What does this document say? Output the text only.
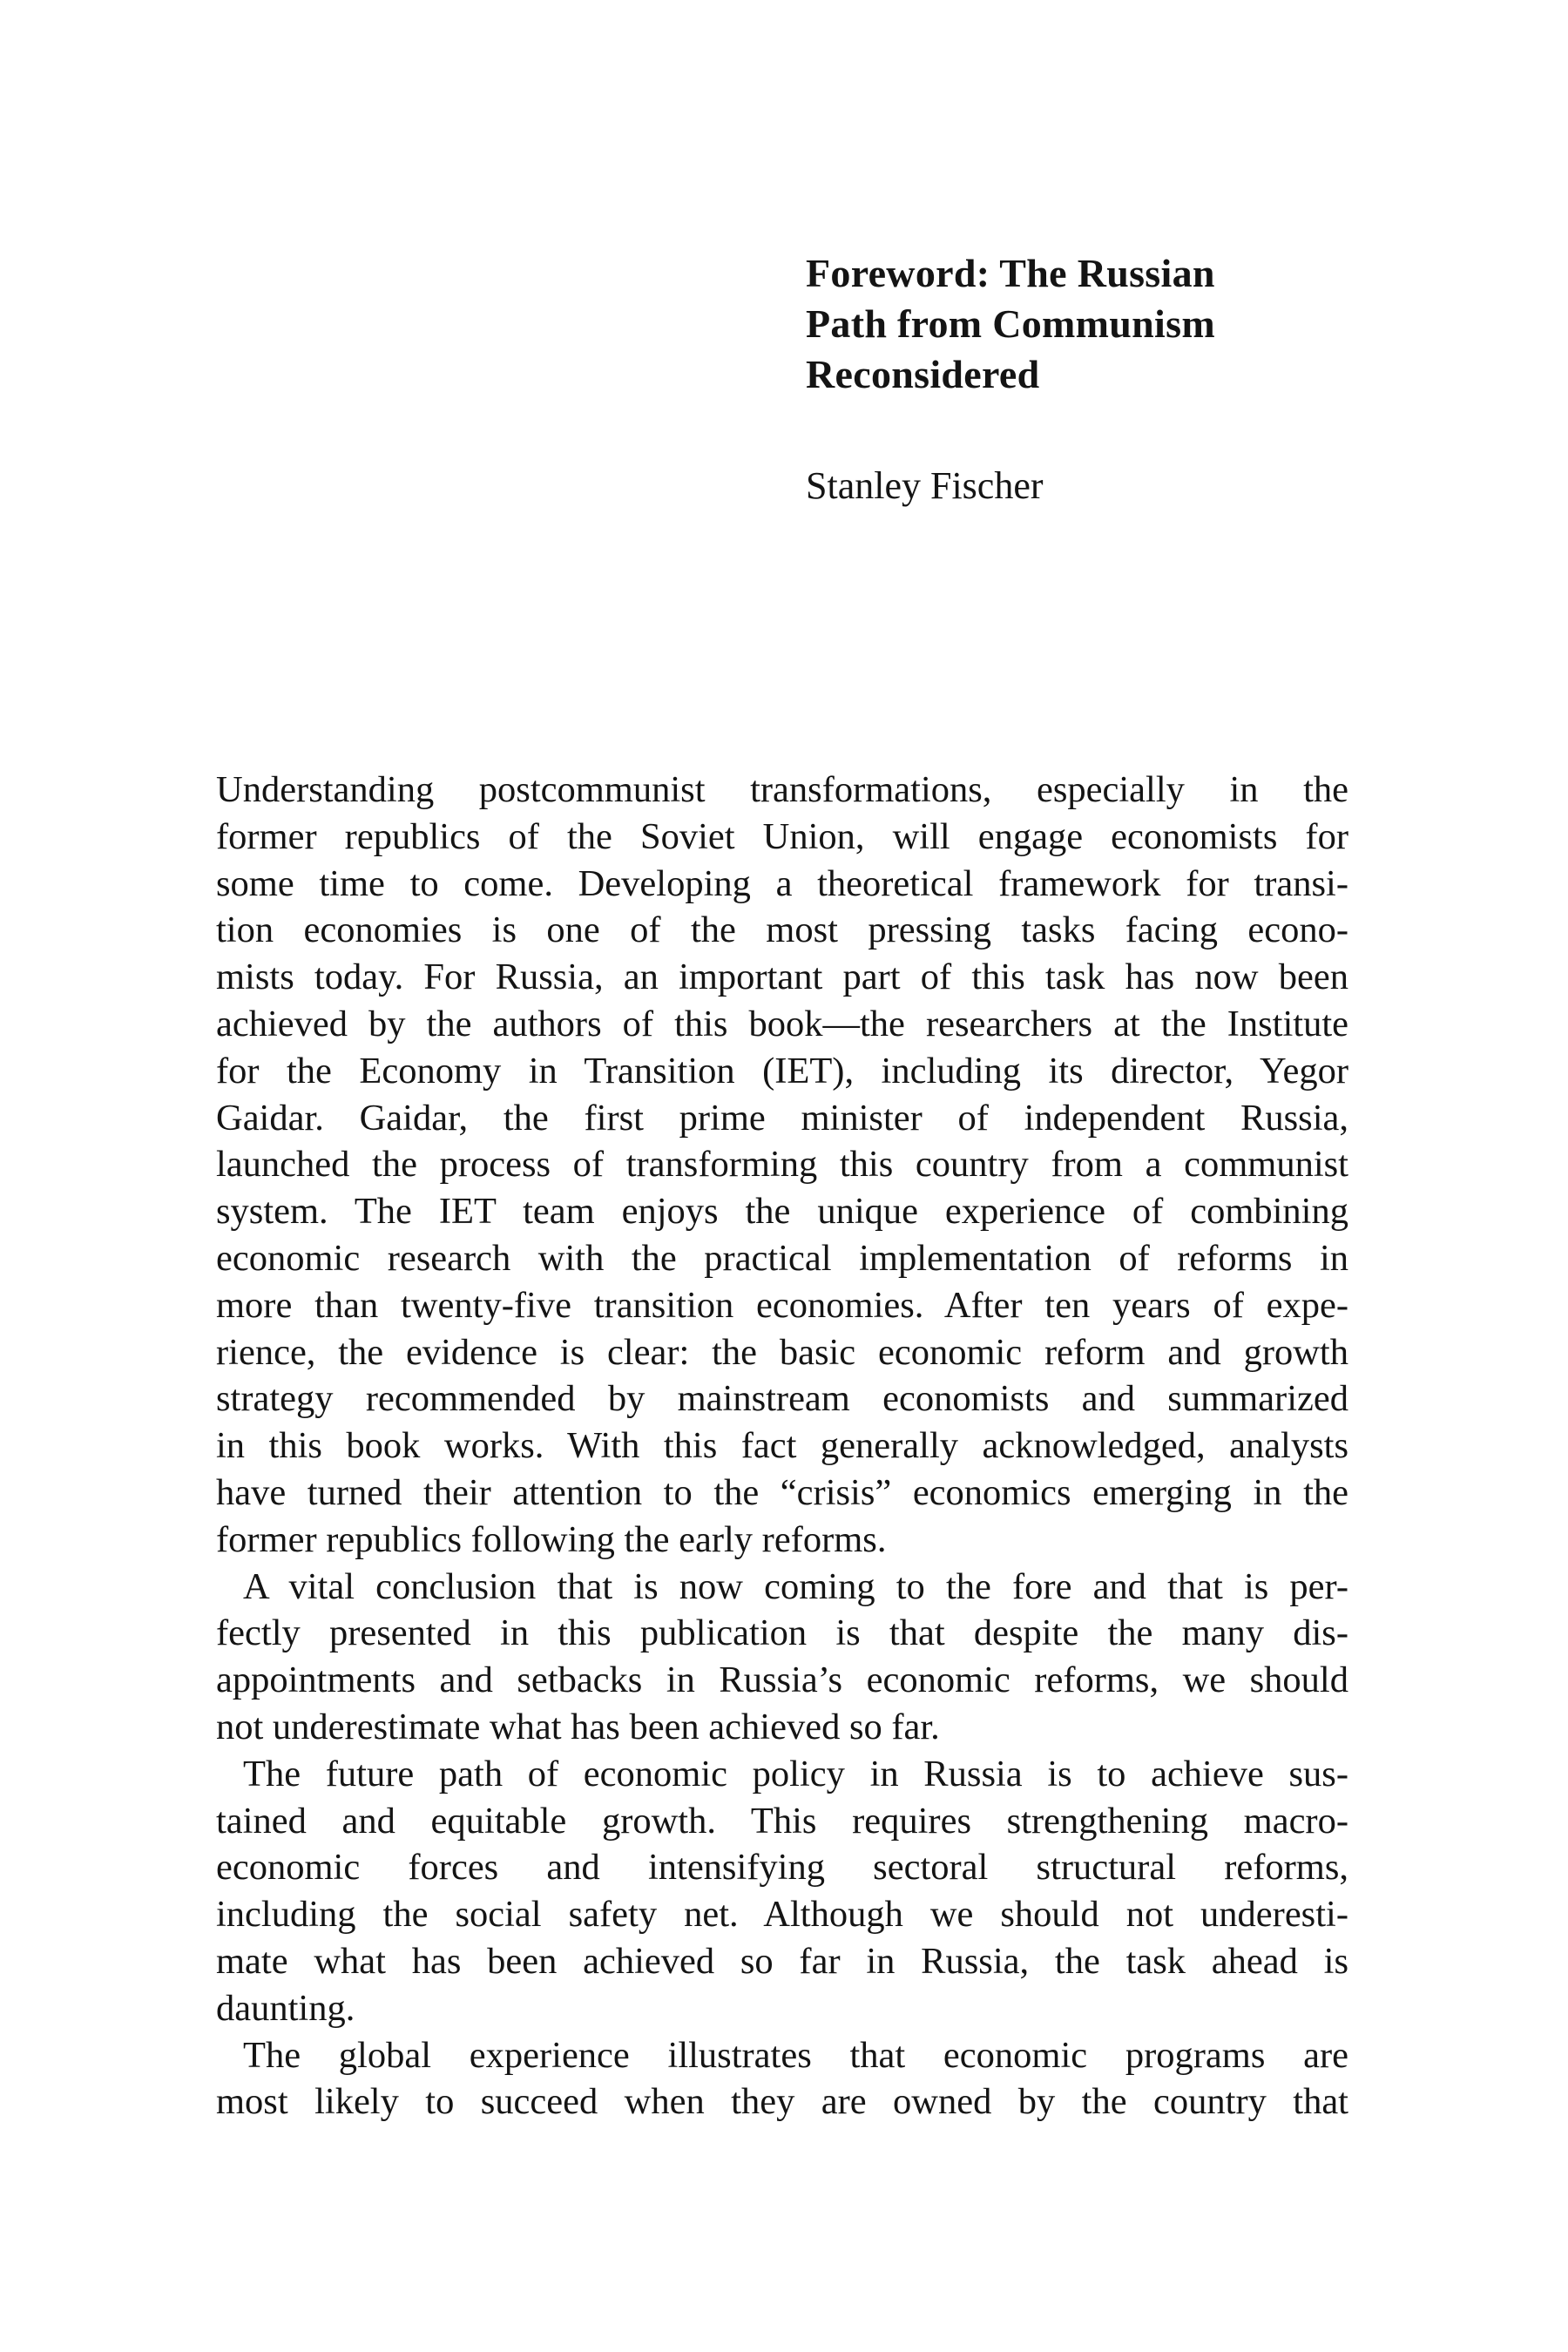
Foreword: The Russian
Path from Communism
Reconsidered
Stanley Fischer
Understanding postcommunist transformations, especially in the
former republics of the Soviet Union, will engage economists for
some time to come. Developing a theoretical framework for transi-
tion economies is one of the most pressing tasks facing econo-
mists today. For Russia, an important part of this task has now been
achieved by the authors of this book—the researchers at the Institute
for the Economy in Transition (IET), including its director, Yegor
Gaidar. Gaidar, the first prime minister of independent Russia,
launched the process of transforming this country from a communist
system. The IET team enjoys the unique experience of combining
economic research with the practical implementation of reforms in
more than twenty-five transition economies. After ten years of expe-
rience, the evidence is clear: the basic economic reform and growth
strategy recommended by mainstream economists and summarized
in this book works. With this fact generally acknowledged, analysts
have turned their attention to the “crisis” economics emerging in the
former republics following the early reforms.
A vital conclusion that is now coming to the fore and that is per-
fectly presented in this publication is that despite the many dis-
appointments and setbacks in Russia’s economic reforms, we should
not underestimate what has been achieved so far.
The future path of economic policy in Russia is to achieve sus-
tained and equitable growth. This requires strengthening macro-
economic forces and intensifying sectoral structural reforms,
including the social safety net. Although we should not underesti-
mate what has been achieved so far in Russia, the task ahead is
daunting.
The global experience illustrates that economic programs are
most likely to succeed when they are owned by the country that
